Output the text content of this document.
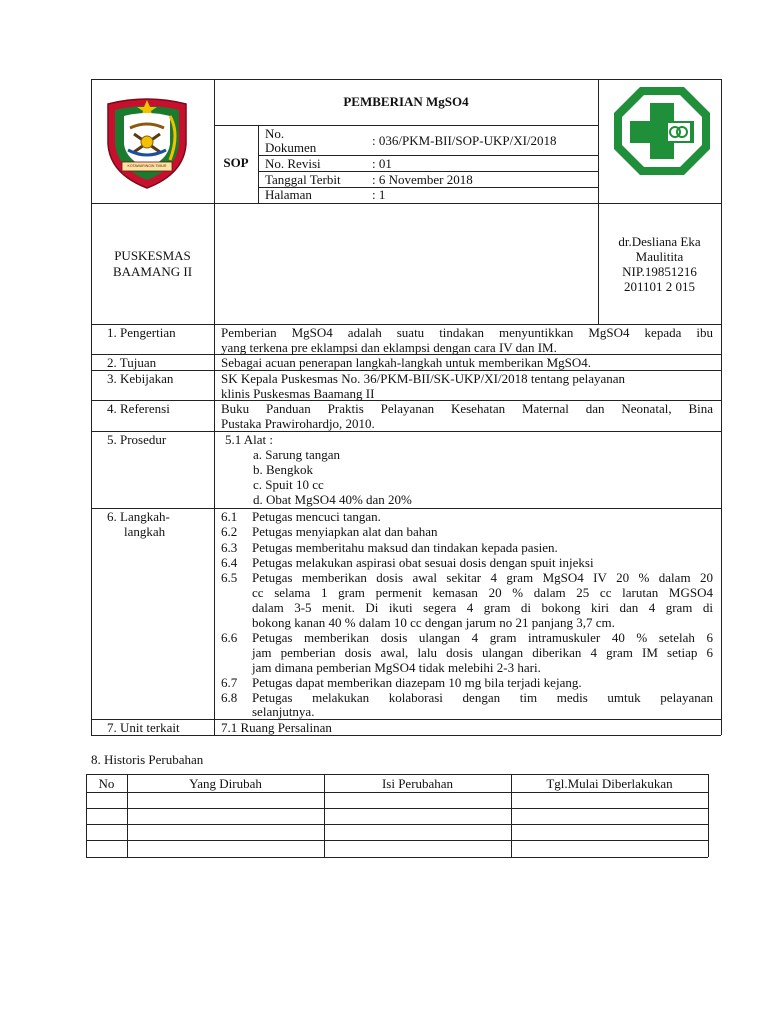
KOTAWARINGIN TIMUR
PEMBERIAN MgSO4
SOP
No.
Dokumen	: 036/PKM-BII/SOP-UKP/XI/2018
No. Revisi	: 01
Tanggal Terbit : 6 November 2018
Halaman	: 1
PUSKESMAS
BAAMANG II
dr.Desliana Eka
Maulitita
NIP.19851216
201101 2 015
1. Pengertian	Pemberian MgSO4 adalah suatu tindakan menyuntikkan MgSO4 kepada ibu
yang terkena pre eklampsi dan eklampsi dengan cara IV dan IM.
2. Tujuan	Sebagai acuan penerapan langkah-langkah untuk memberikan MgSO4.
3. Kebijakan	SK Kepala Puskesmas No. 36/PKM-BII/SK-UKP/XI/2018 tentang pelayanan
klinis Puskesmas Baamang II
4. Referensi	Buku Panduan Praktis Pelayanan Kesehatan Maternal dan Neonatal, Bina
Pustaka Prawirohardjo, 2010.
5. Prosedur	5.1 Alat :
a. Sarung tangan
b. Bengkok
c. Spuit 10 cc
d. Obat MgSO4 40% dan 20%
6. Langkah-
langkah
6.1 Petugas mencuci tangan.
6.2 Petugas menyiapkan alat dan bahan
6.3 Petugas memberitahu maksud dan tindakan kepada pasien.
6.4 Petugas melakukan aspirasi obat sesuai dosis dengan spuit injeksi
6.5 Petugas memberikan dosis awal sekitar 4 gram MgSO4 IV 20 % dalam 20
cc selama 1 gram permenit kemasan 20 % dalam 25 cc larutan MGSO4
dalam 3-5 menit. Di ikuti segera 4 gram di bokong kiri dan 4 gram di
bokong kanan 40 % dalam 10 cc dengan jarum no 21 panjang 3,7 cm.
6.6 Petugas memberikan dosis ulangan 4 gram intramuskuler 40 % setelah 6
jam pemberian dosis awal, lalu dosis ulangan diberikan 4 gram IM setiap 6
jam dimana pemberian MgSO4 tidak melebihi 2-3 hari.
6.7 Petugas dapat memberikan diazepam 10 mg bila terjadi kejang.
6.8 Petugas melakukan kolaborasi dengan tim medis umtuk pelayanan
selanjutnya.
7. Unit terkait	7.1 Ruang Persalinan
8. Historis Perubahan
No	Yang Dirubah	Isi Perubahan	Tgl.Mulai Diberlakukan
